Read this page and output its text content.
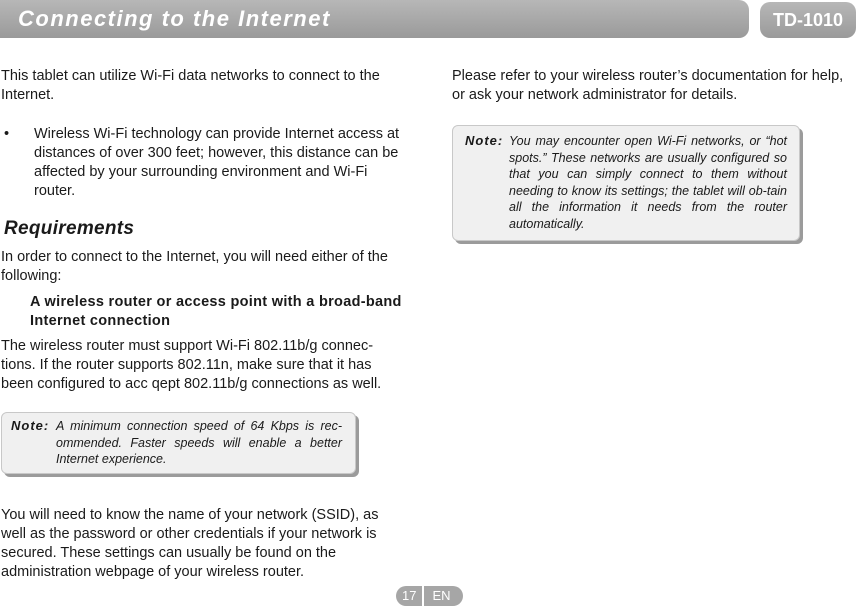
Connecting to the Internet	TD-1010

This tablet can utilize Wi-Fi data networks to connect to the Internet.

• Wireless Wi-Fi technology can provide Internet access at distances of over 300 feet; however, this distance can be affected by your surrounding environment and Wi-Fi router.
Requirements

In order to connect to the Internet, you will need either of the following:

A wireless router or access point with a broad-band Internet connection

The wireless router must support Wi-Fi 802.11b/g connec-tions. If the router supports 802.11n, make sure that it has been configured to acc qept 802.11b/g connections as well.

Note: A minimum connection speed of 64 Kbps is rec-ommended. Faster speeds will enable a better Internet experience.

You will need to know the name of your network (SSID), as well as the password or other credentials if your network is secured. These settings can usually be found on the administration webpage of your wireless router.

Please refer to your wireless router’s documentation for help, or ask your network administrator for details.

Note: You may encounter open Wi-Fi networks, or “hot spots.” These networks are usually configured so that you can simply connect to them without needing to know its settings; the tablet will ob-tain all the information it needs from the router automatically.
17	EN
